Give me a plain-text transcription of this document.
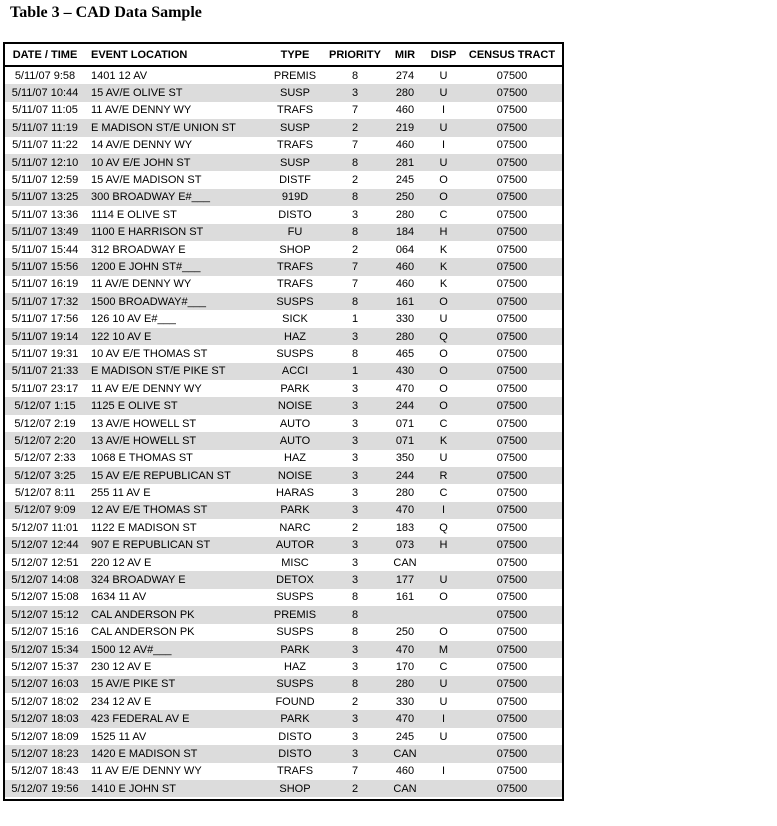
Table 3 – CAD Data Sample
DATE / TIME	EVENT LOCATION	TYPE	PRIORITY	MIR	DISP	CENSUS TRACT
5/11/07 9:58	1401 12 AV	PREMIS	8	274	U	07500
5/11/07 10:44	15 AV/E OLIVE ST	SUSP	3	280	U	07500
5/11/07 11:05	11 AV/E DENNY WY	TRAFS	7	460	I	07500
5/11/07 11:19	E MADISON ST/E UNION ST	SUSP	2	219	U	07500
5/11/07 11:22	14 AV/E DENNY WY	TRAFS	7	460	I	07500
5/11/07 12:10	10 AV E/E JOHN ST	SUSP	8	281	U	07500
5/11/07 12:59	15 AV/E MADISON ST	DISTF	2	245	O	07500
5/11/07 13:25	300 BROADWAY E#___	919D	8	250	O	07500
5/11/07 13:36	1114 E OLIVE ST	DISTO	3	280	C	07500
5/11/07 13:49	1100 E HARRISON ST	FU	8	184	H	07500
5/11/07 15:44	312 BROADWAY E	SHOP	2	064	K	07500
5/11/07 15:56	1200 E JOHN ST#___	TRAFS	7	460	K	07500
5/11/07 16:19	11 AV/E DENNY WY	TRAFS	7	460	K	07500
5/11/07 17:32	1500 BROADWAY#___	SUSPS	8	161	O	07500
5/11/07 17:56	126 10 AV E#___	SICK	1	330	U	07500
5/11/07 19:14	122 10 AV E	HAZ	3	280	Q	07500
5/11/07 19:31	10 AV E/E THOMAS ST	SUSPS	8	465	O	07500
5/11/07 21:33	E MADISON ST/E PIKE ST	ACCI	1	430	O	07500
5/11/07 23:17	11 AV E/E DENNY WY	PARK	3	470	O	07500
5/12/07 1:15	1125 E OLIVE ST	NOISE	3	244	O	07500
5/12/07 2:19	13 AV/E HOWELL ST	AUTO	3	071	C	07500
5/12/07 2:20	13 AV/E HOWELL ST	AUTO	3	071	K	07500
5/12/07 2:33	1068 E THOMAS ST	HAZ	3	350	U	07500
5/12/07 3:25	15 AV E/E REPUBLICAN ST	NOISE	3	244	R	07500
5/12/07 8:11	255 11 AV E	HARAS	3	280	C	07500
5/12/07 9:09	12 AV E/E THOMAS ST	PARK	3	470	I	07500
5/12/07 11:01	1122 E MADISON ST	NARC	2	183	Q	07500
5/12/07 12:44	907 E REPUBLICAN ST	AUTOR	3	073	H	07500
5/12/07 12:51	220 12 AV E	MISC	3	CAN		07500
5/12/07 14:08	324 BROADWAY E	DETOX	3	177	U	07500
5/12/07 15:08	1634 11 AV	SUSPS	8	161	O	07500
5/12/07 15:12	CAL ANDERSON PK	PREMIS	8			07500
5/12/07 15:16	CAL ANDERSON PK	SUSPS	8	250	O	07500
5/12/07 15:34	1500 12 AV#___	PARK	3	470	M	07500
5/12/07 15:37	230 12 AV E	HAZ	3	170	C	07500
5/12/07 16:03	15 AV/E PIKE ST	SUSPS	8	280	U	07500
5/12/07 18:02	234 12 AV E	FOUND	2	330	U	07500
5/12/07 18:03	423 FEDERAL AV E	PARK	3	470	I	07500
5/12/07 18:09	1525 11 AV	DISTO	3	245	U	07500
5/12/07 18:23	1420 E MADISON ST	DISTO	3	CAN		07500
5/12/07 18:43	11 AV E/E DENNY WY	TRAFS	7	460	I	07500
5/12/07 19:56	1410 E JOHN ST	SHOP	2	CAN		07500
